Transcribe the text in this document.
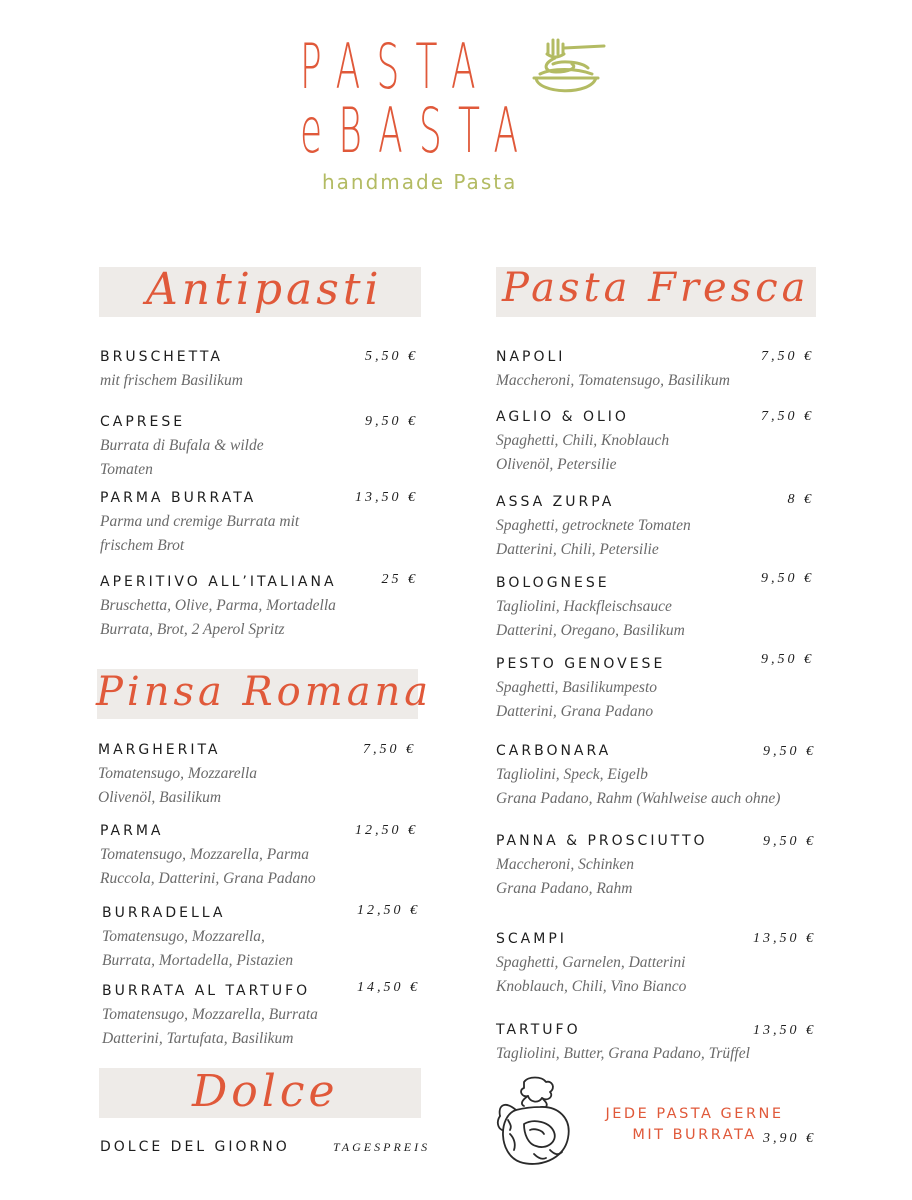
PASTA
eBASTA
handmade Pasta
Antipasti
BRUSCHETTA
mit frischem Basilikum
5,50 €
CAPRESE
Burrata di Bufala & wilde
Tomaten
9,50 €
PARMA BURRATA
Parma und cremige Burrata mit
frischem Brot
13,50 €
APERITIVO ALL’ITALIANA
Bruschetta, Olive, Parma, Mortadella
Burrata, Brot, 2 Aperol Spritz
25 €
Pinsa Romana
MARGHERITA
Tomatensugo, Mozzarella
Olivenöl, Basilikum
7,50 €
PARMA
Tomatensugo, Mozzarella, Parma
Ruccola, Datterini, Grana Padano
12,50 €
BURRADELLA
Tomatensugo, Mozzarella,
Burrata, Mortadella, Pistazien
12,50 €
BURRATA AL TARTUFO
Tomatensugo, Mozzarella, Burrata
Datterini, Tartufata, Basilikum
14,50 €
Dolce
DOLCE DEL GIORNO	TAGESPREIS
Pasta Fresca
NAPOLI
Maccheroni, Tomatensugo, Basilikum
7,50 €
AGLIO & OLIO
Spaghetti, Chili, Knoblauch
Olivenöl, Petersilie
7,50 €
ASSA ZURPA
Spaghetti, getrocknete Tomaten
Datterini, Chili, Petersilie
8 €
BOLOGNESE
Tagliolini, Hackfleischsauce
Datterini, Oregano, Basilikum
9,50 €
PESTO GENOVESE
Spaghetti, Basilikumpesto
Datterini, Grana Padano
9,50 €
CARBONARA
Tagliolini, Speck, Eigelb
Grana Padano, Rahm (Wahlweise auch ohne)
9,50 €
PANNA & PROSCIUTTO
Maccheroni, Schinken
Grana Padano, Rahm
9,50 €
SCAMPI
Spaghetti, Garnelen, Datterini
Knoblauch, Chili, Vino Bianco
13,50 €
TARTUFO
Tagliolini, Butter, Grana Padano, Trüffel
13,50 €
JEDE PASTA GERNE
MIT BURRATA 3,90 €
